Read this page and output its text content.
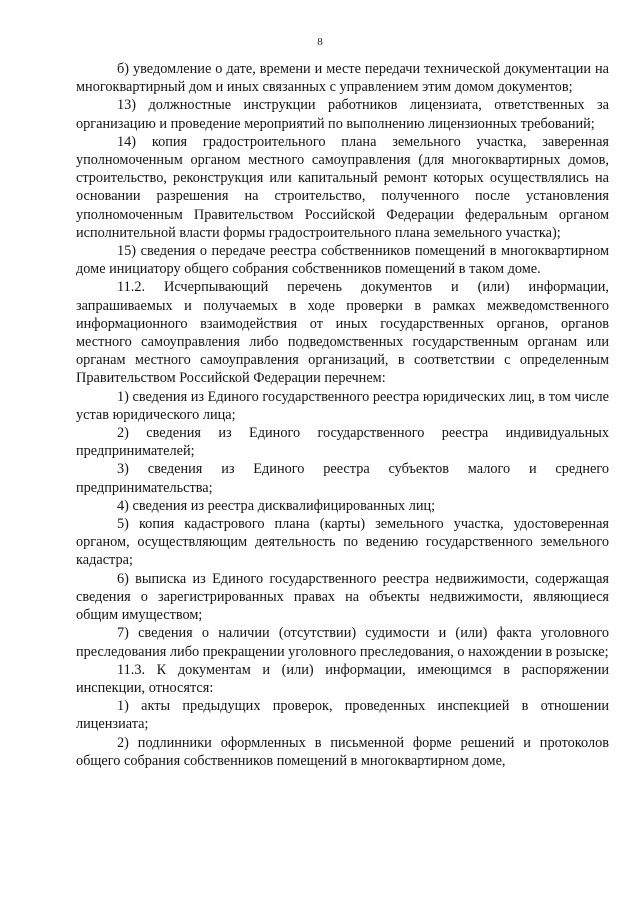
8

б) уведомление о дате, времени и месте передачи технической документации на многоквартирный дом и иных связанных с управлением этим домом документов;

13) должностные инструкции работников лицензиата, ответственных за организацию и проведение мероприятий по выполнению лицензионных требований;

14) копия градостроительного плана земельного участка, заверенная уполномоченным органом местного самоуправления (для многоквартирных домов, строительство, реконструкция или капитальный ремонт которых осуществлялись на основании разрешения на строительство, полученного после установления уполномоченным Правительством Российской Федерации федеральным органом исполнительной власти формы градостроительного плана земельного участка);

15) сведения о передаче реестра собственников помещений в многоквартирном доме инициатору общего собрания собственников помещений в таком доме.

11.2. Исчерпывающий перечень документов и (или) информации, запрашиваемых и получаемых в ходе проверки в рамках межведомственного информационного взаимодействия от иных государственных органов, органов местного самоуправления либо подведомственных государственным органам или органам местного самоуправления организаций, в соответствии с определенным Правительством Российской Федерации перечнем:

1) сведения из Единого государственного реестра юридических лиц, в том числе устав юридического лица;

2) сведения из Единого государственного реестра индивидуальных предпринимателей;

3) сведения из Единого реестра субъектов малого и среднего предпринимательства;

4) сведения из реестра дисквалифицированных лиц;

5) копия кадастрового плана (карты) земельного участка, удостоверенная органом, осуществляющим деятельность по ведению государственного земельного кадастра;

6) выписка из Единого государственного реестра недвижимости, содержащая сведения о зарегистрированных правах на объекты недвижимости, являющиеся общим имуществом;

7) сведения о наличии (отсутствии) судимости и (или) факта уголовного преследования либо прекращении уголовного преследования, о нахождении в розыске;

11.3. К документам и (или) информации, имеющимся в распоряжении инспекции, относятся:

1) акты предыдущих проверок, проведенных инспекцией в отношении лицензиата;

2) подлинники оформленных в письменной форме решений и протоколов общего собрания собственников помещений в многоквартирном доме,
